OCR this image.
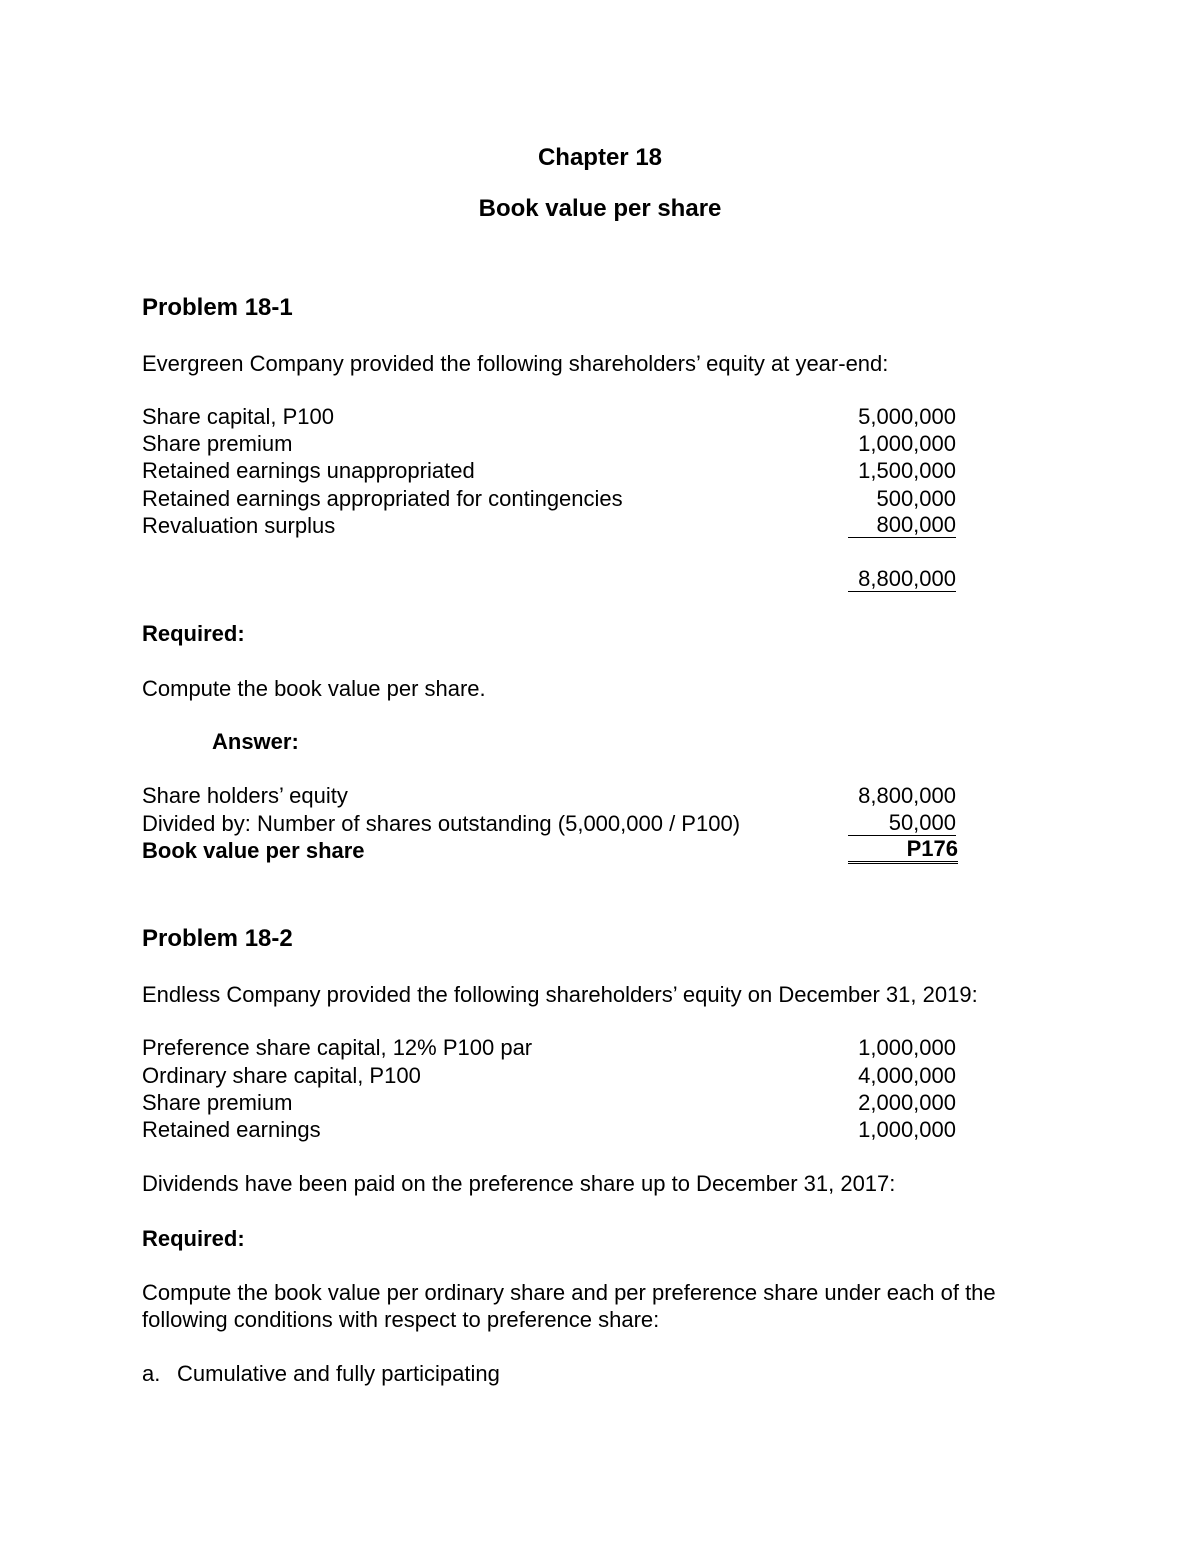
Chapter 18
Book value per share
Problem 18-1
Evergreen Company provided the following shareholders’ equity at year-end:
Share capital, P100	5,000,000
Share premium	1,000,000
Retained earnings unappropriated	1,500,000
Retained earnings appropriated for contingencies	500,000
Revaluation surplus	800,000
8,800,000
Required:
Compute the book value per share.
Answer:
Share holders’ equity	8,800,000
Divided by: Number of shares outstanding (5,000,000 / P100)	50,000
Book value per share	P176
Problem 18-2
Endless Company provided the following shareholders’ equity on December 31, 2019:
Preference share capital, 12% P100 par	1,000,000
Ordinary share capital, P100	4,000,000
Share premium	2,000,000
Retained earnings	1,000,000
Dividends have been paid on the preference share up to December 31, 2017:
Required:
Compute the book value per ordinary share and per preference share under each of the following conditions with respect to preference share:
a. Cumulative and fully participating
